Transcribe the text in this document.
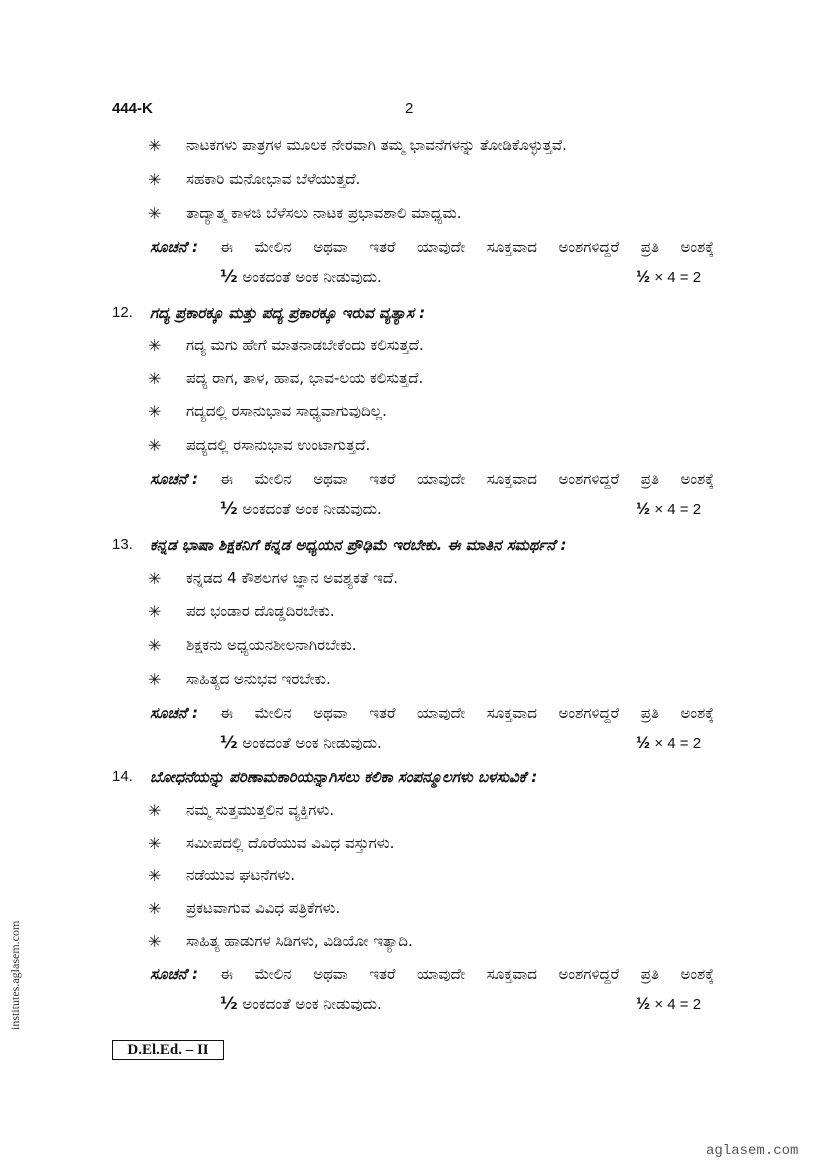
444-K	2
✳ ನಾಟಕಗಳು ಪಾತ್ರಗಳ ಮೂಲಕ ನೇರವಾಗಿ ತಮ್ಮ ಭಾವನೆಗಳನ್ನು ತೋಡಿಕೊಳ್ಳುತ್ತವೆ.
✳ ಸಹಕಾರಿ ಮನೋಭಾವ ಬೆಳೆಯುತ್ತದೆ.
✳ ತಾದ್ಯಾತ್ಮ ಕಾಳಜಿ ಬೆಳೆಸಲು ನಾಟಕ ಪ್ರಭಾವಶಾಲಿ ಮಾಧ್ಯಮ.
ಸೂಚನೆ : ಈ ಮೇಲಿನ ಅಥವಾ ಇತರೆ ಯಾವುದೇ ಸೂಕ್ತವಾದ ಅಂಶಗಳಿದ್ದರೆ ಪ್ರತಿ ಅಂಶಕ್ಕೆ
½ ಅಂಕದಂತೆ ಅಂಕ ನೀಡುವುದು.	½ × 4 = 2
12. ಗದ್ಯ ಪ್ರಕಾರಕ್ಕೂ ಮತ್ತು ಪದ್ಯ ಪ್ರಕಾರಕ್ಕೂ ಇರುವ ವ್ಯತ್ಯಾಸ :
✳ ಗದ್ಯ ಮಗು ಹೇಗೆ ಮಾತನಾಡಬೇಕೆಂದು ಕಲಿಸುತ್ತದೆ.
✳ ಪದ್ಯ ರಾಗ, ತಾಳ, ಹಾವ, ಭಾವ-ಲಯ ಕಲಿಸುತ್ತದೆ.
✳ ಗದ್ಯದಲ್ಲಿ ರಸಾನುಭಾವ ಸಾಧ್ಯವಾಗುವುದಿಲ್ಲ.
✳ ಪದ್ಯದಲ್ಲಿ ರಸಾನುಭಾವ ಉಂಟಾಗುತ್ತದೆ.
ಸೂಚನೆ : ಈ ಮೇಲಿನ ಅಥವಾ ಇತರೆ ಯಾವುದೇ ಸೂಕ್ತವಾದ ಅಂಶಗಳಿದ್ದರೆ ಪ್ರತಿ ಅಂಶಕ್ಕೆ
½ ಅಂಕದಂತೆ ಅಂಕ ನೀಡುವುದು.	½ × 4 = 2
13. ಕನ್ನಡ ಭಾಷಾ ಶಿಕ್ಷಕನಿಗೆ ಕನ್ನಡ ಅಧ್ಯಯನ ಪ್ರೌಢಿಮೆ ಇರಬೇಕು. ಈ ಮಾತಿನ ಸಮರ್ಥನೆ :
✳ ಕನ್ನಡದ 4 ಕೌಶಲಗಳ ಜ್ಞಾನ ಅವಶ್ಯಕತೆ ಇದೆ.
✳ ಪದ ಭಂಡಾರ ದೊಡ್ಡದಿರಬೇಕು.
✳ ಶಿಕ್ಷಕನು ಅಧ್ಯಯನಶೀಲನಾಗಿರಬೇಕು.
✳ ಸಾಹಿತ್ಯದ ಅನುಭವ ಇರಬೇಕು.
ಸೂಚನೆ : ಈ ಮೇಲಿನ ಅಥವಾ ಇತರೆ ಯಾವುದೇ ಸೂಕ್ತವಾದ ಅಂಶಗಳಿದ್ದರೆ ಪ್ರತಿ ಅಂಶಕ್ಕೆ
½ ಅಂಕದಂತೆ ಅಂಕ ನೀಡುವುದು.	½ × 4 = 2
14. ಬೋಧನೆಯನ್ನು ಪರಿಣಾಮಕಾರಿಯನ್ನಾಗಿಸಲು ಕಲಿಕಾ ಸಂಪನ್ಮೂಲಗಳು ಬಳಸುವಿಕೆ :
✳ ನಮ್ಮ ಸುತ್ತಮುತ್ತಲಿನ ವ್ಯಕ್ತಿಗಳು.
✳ ಸಮೀಪದಲ್ಲಿ ದೊರೆಯುವ ವಿವಿಧ ವಸ್ತುಗಳು.
✳ ನಡೆಯುವ ಘಟನೆಗಳು.
✳ ಪ್ರಕಟವಾಗುವ ವಿವಿಧ ಪತ್ರಿಕೆಗಳು.
✳ ಸಾಹಿತ್ಯ ಹಾಡುಗಳ ಸಿಡಿಗಳು, ವಿಡಿಯೋ ಇತ್ಯಾದಿ.
ಸೂಚನೆ : ಈ ಮೇಲಿನ ಅಥವಾ ಇತರೆ ಯಾವುದೇ ಸೂಕ್ತವಾದ ಅಂಶಗಳಿದ್ದರೆ ಪ್ರತಿ ಅಂಶಕ್ಕೆ
½ ಅಂಕದಂತೆ ಅಂಕ ನೀಡುವುದು.	½ × 4 = 2
D.El.Ed. – II
institutes.aglasem.com
aglasem.com
